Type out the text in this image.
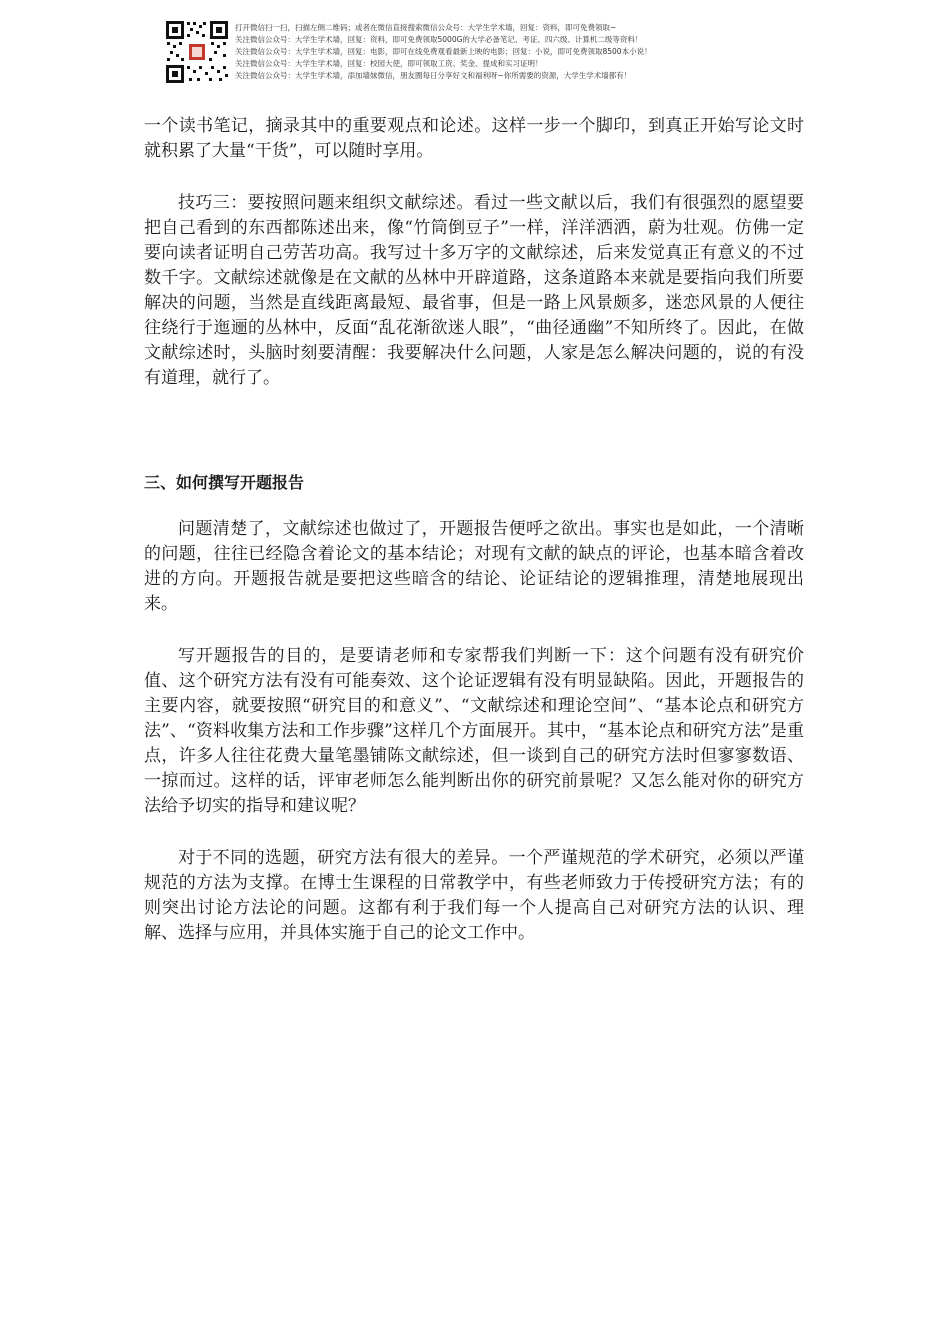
打开微信扫一扫，扫描左侧二维码；或者在微信直接搜索微信公众号：大学生学术墙，回复：资料，即可免费领取~
关注微信公众号：大学生学术墙，回复：资料，即可免费领取5000G的大学必备笔记、考证、四六级、计算机二级等资料！
关注微信公众号：大学生学术墙，回复：电影，即可在线免费观看最新上映的电影；回复：小说，即可免费领取8500本小说！
关注微信公众号：大学生学术墙，回复：校园大使，即可领取工资、奖金、提成和实习证明！
关注微信公众号：大学生学术墙，添加墙妹微信，朋友圈每日分享好文和福利呀~你所需要的资源，大学生学术墙都有！

一个读书笔记，摘录其中的重要观点和论述。这样一步一个脚印，到真正开始写论文时就积累了大量“干货”，可以随时享用。

技巧三：要按照问题来组织文献综述。看过一些文献以后，我们有很强烈的愿望要把自己看到的东西都陈述出来，像“竹筒倒豆子”一样，洋洋洒洒，蔚为壮观。仿佛一定要向读者证明自己劳苦功高。我写过十多万字的文献综述，后来发觉真正有意义的不过数千字。文献综述就像是在文献的丛林中开辟道路，这条道路本来就是要指向我们所要解决的问题，当然是直线距离最短、最省事，但是一路上风景颇多，迷恋风景的人便往往绕行于迤逦的丛林中，反面“乱花渐欲迷人眼”，“曲径通幽”不知所终了。因此，在做文献综述时，头脑时刻要清醒：我要解决什么问题，人家是怎么解决问题的，说的有没有道理，就行了。

三、如何撰写开题报告

问题清楚了，文献综述也做过了，开题报告便呼之欲出。事实也是如此，一个清晰的问题，往往已经隐含着论文的基本结论；对现有文献的缺点的评论，也基本暗含着改进的方向。开题报告就是要把这些暗含的结论、论证结论的逻辑推理，清楚地展现出来。

写开题报告的目的，是要请老师和专家帮我们判断一下：这个问题有没有研究价值、这个研究方法有没有可能奏效、这个论证逻辑有没有明显缺陷。因此，开题报告的主要内容，就要按照“研究目的和意义”、“文献综述和理论空间”、“基本论点和研究方法”、“资料收集方法和工作步骤”这样几个方面展开。其中，“基本论点和研究方法”是重点，许多人往往花费大量笔墨铺陈文献综述，但一谈到自己的研究方法时但寥寥数语、一掠而过。这样的话，评审老师怎么能判断出你的研究前景呢？又怎么能对你的研究方法给予切实的指导和建议呢？

对于不同的选题，研究方法有很大的差异。一个严谨规范的学术研究，必须以严谨规范的方法为支撑。在博士生课程的日常教学中，有些老师致力于传授研究方法；有的则突出讨论方法论的问题。这都有利于我们每一个人提高自己对研究方法的认识、理解、选择与应用，并具体实施于自己的论文工作中。
